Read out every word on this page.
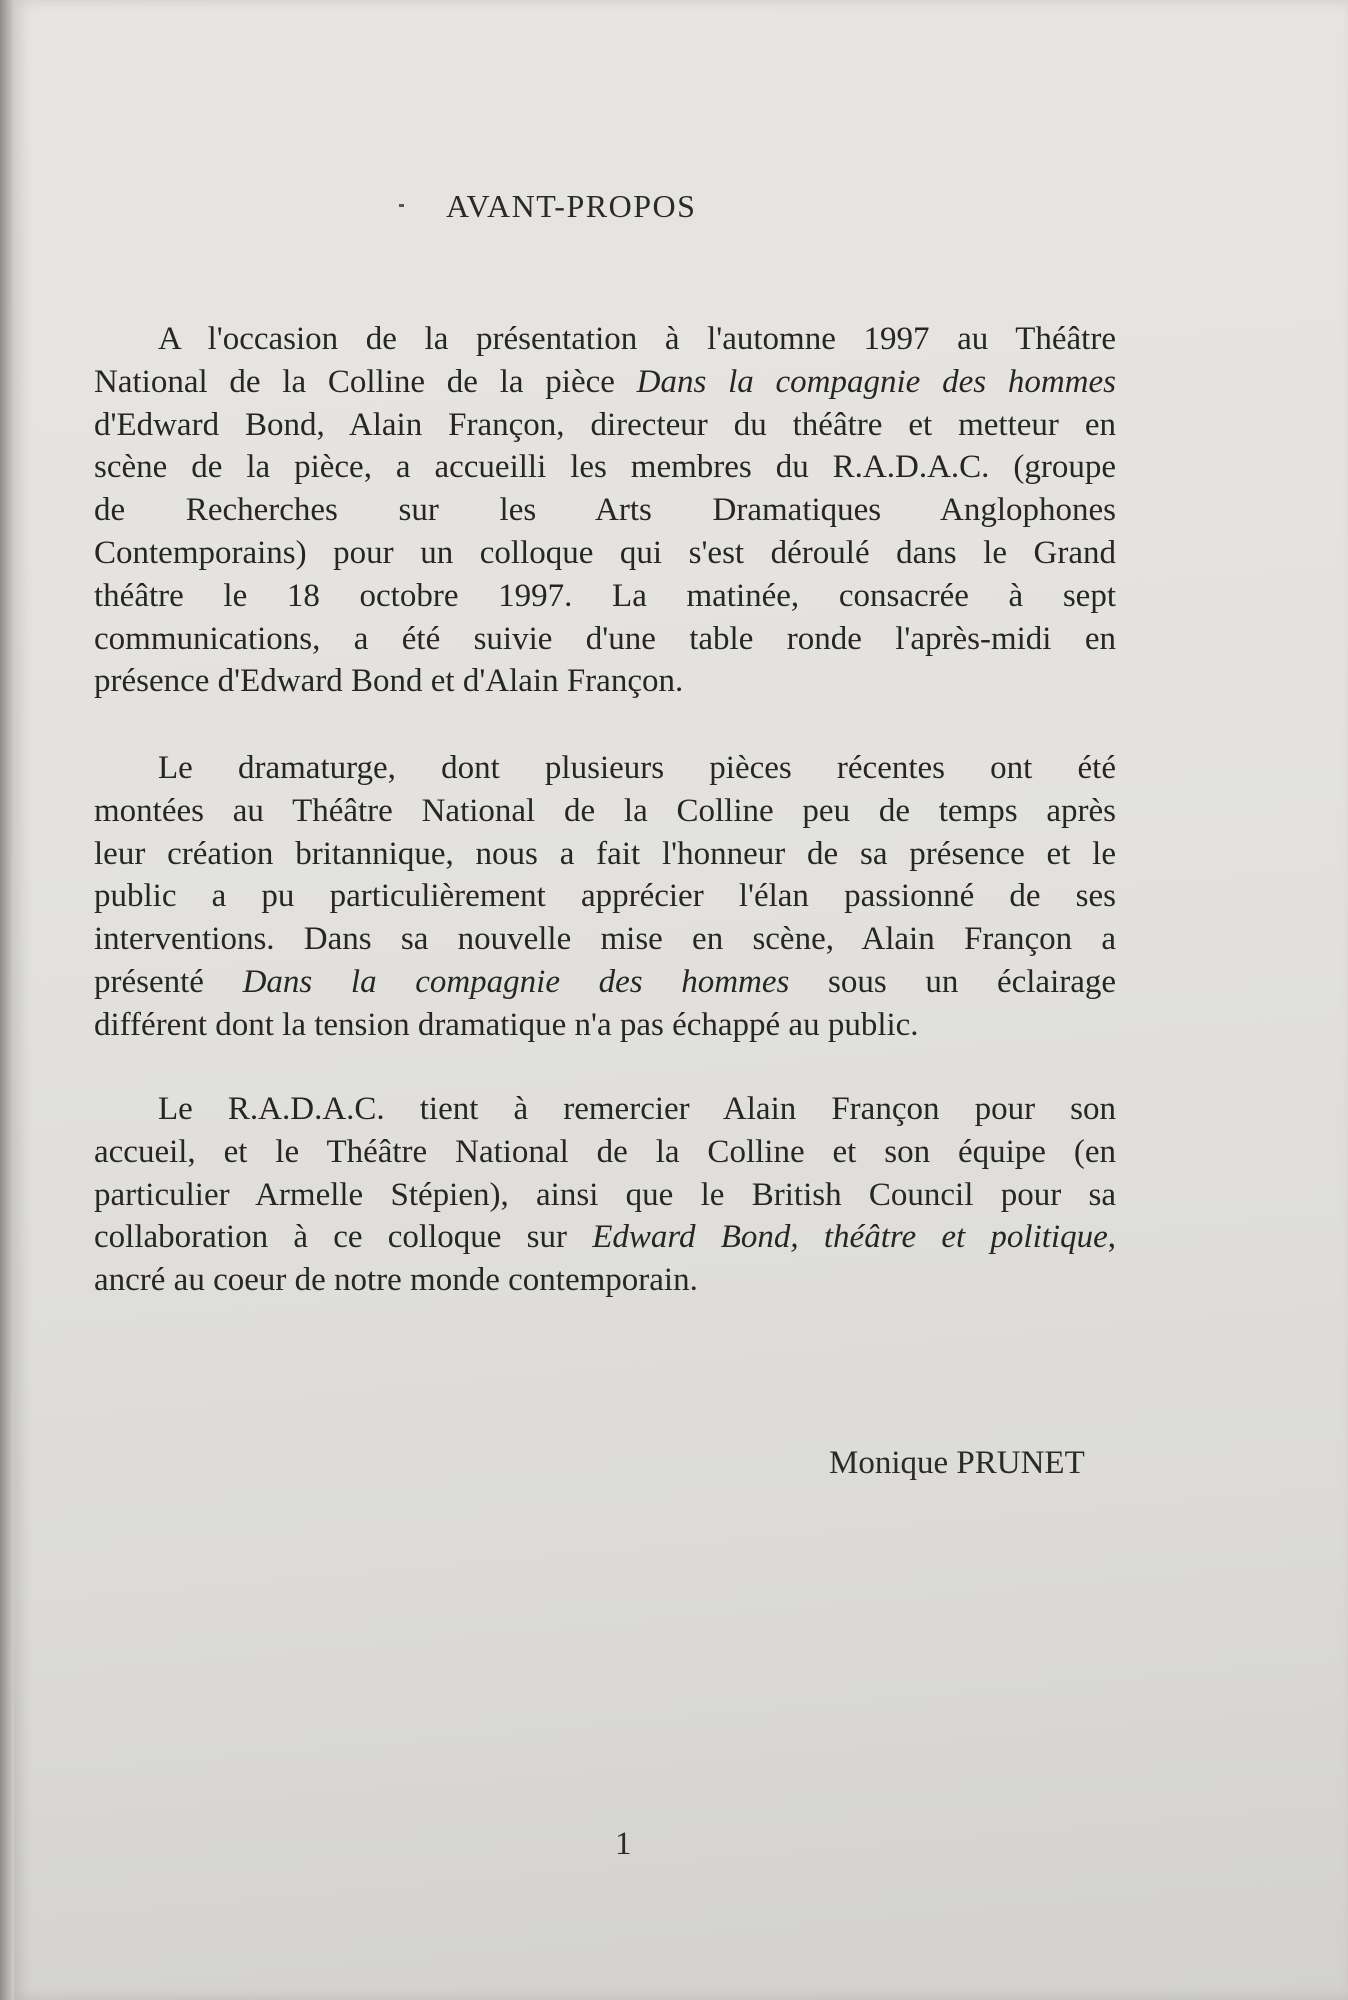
AVANT-PROPOS
A l'occasion de la présentation à l'automne 1997 au Théâtre
National de la Colline de la pièce Dans la compagnie des hommes
d'Edward Bond, Alain Françon, directeur du théâtre et metteur en
scène de la pièce, a accueilli les membres du R.A.D.A.C. (groupe
de Recherches sur les Arts Dramatiques Anglophones
Contemporains) pour un colloque qui s'est déroulé dans le Grand
théâtre le 18 octobre 1997. La matinée, consacrée à sept
communications, a été suivie d'une table ronde l'après-midi en
présence d'Edward Bond et d'Alain Françon.
Le dramaturge, dont plusieurs pièces récentes ont été
montées au Théâtre National de la Colline peu de temps après
leur création britannique, nous a fait l'honneur de sa présence et le
public a pu particulièrement apprécier l'élan passionné de ses
interventions. Dans sa nouvelle mise en scène, Alain Françon a
présenté Dans la compagnie des hommes sous un éclairage
différent dont la tension dramatique n'a pas échappé au public.
Le R.A.D.A.C. tient à remercier Alain Françon pour son
accueil, et le Théâtre National de la Colline et son équipe (en
particulier Armelle Stépien), ainsi que le British Council pour sa
collaboration à ce colloque sur Edward Bond, théâtre et politique,
ancré au coeur de notre monde contemporain.

Monique PRUNET

1
